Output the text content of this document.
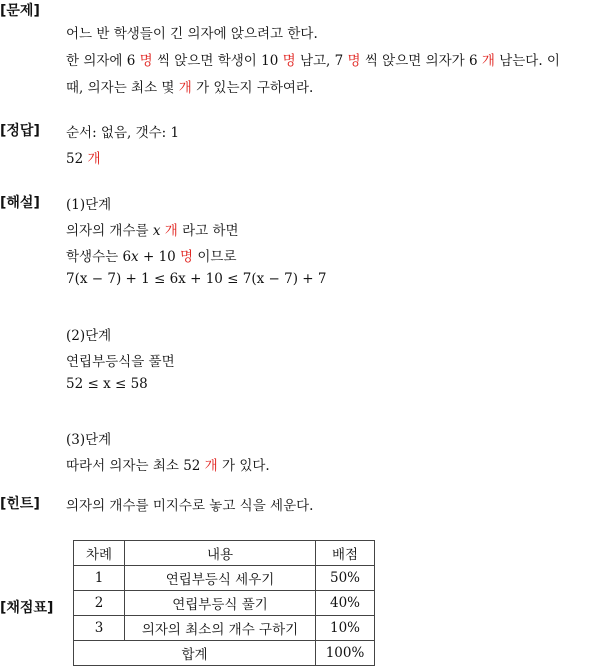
[문제]
어느 반 학생들이 긴 의자에 앉으려고 한다.
한 의자에 6 명 씩 앉으면 학생이 10 명 남고, 7 명 씩 앉으면 의자가 6 개 남는다. 이
때, 의자는 최소 몇 개 가 있는지 구하여라.
[정답] 순서: 없음, 갯수: 1
52 개
[해설] (1)단계
의자의 개수를 x 개 라고 하면
학생수는 6x + 10 명 이므로
7(x − 7) + 1 ≤ 6x + 10 ≤ 7(x − 7) + 7
(2)단계
연립부등식을 풀면
52 ≤ x ≤ 58
(3)단계
따라서 의자는 최소 52 개 가 있다.
[힌트] 의자의 개수를 미지수로 놓고 식을 세운다.
[채점표]
차례	내용	배점
1	연립부등식 세우기	50%
2	연립부등식 풀기	40%
3	의자의 최소의 개수 구하기	10%
합계		100%
